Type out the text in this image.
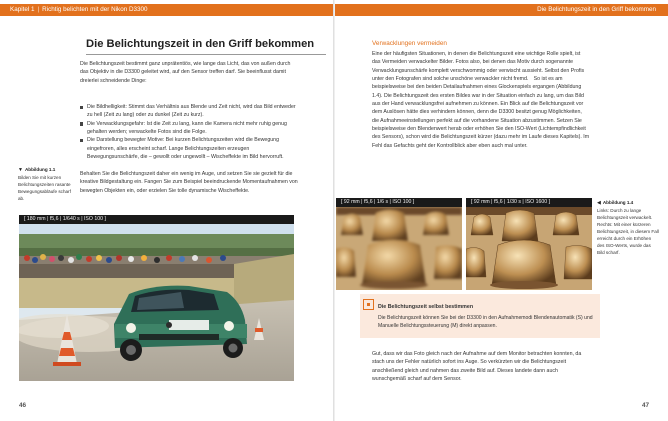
Kapitel 1 | Richtig belichten mit der Nikon D3300	Die Belichtungszeit in den Griff bekommen
Die Belichtungszeit in den Griff bekommen

Die Belichtungszeit bestimmt ganz unprätentiös, wie lange das Licht, das von außen durch das Objektiv in die D3300 geleitet wird, auf den Sensor treffen darf. Sie beeinflusst damit dreierlei schneidende Dinge:

Die Bildhelligkeit: Stimmt das Verhältnis aus Blende und Zeit nicht, wird das Bild entweder zu hell (Zeit zu lang) oder zu dunkel (Zeit zu kurz).
Die Verwacklungsgefahr: Ist die Zeit zu lang, kann die Kamera nicht mehr ruhig genug gehalten werden; verwackelte Fotos sind die Folge.
Die Darstellung bewegter Motive: Bei kurzen Belichtungszeiten wird die Bewegung eingefroren, alles erscheint scharf. Lange Belichtungszeiten erzeugen Bewegungsunschärfe, die – gewollt oder ungewollt – Wischeffekte im Bild hervorruft.

Behalten Sie die Belichtungszeit daher ein wenig im Auge, und setzen Sie sie gezielt für die kreative Bildgestaltung ein. Fangen Sie zum Beispiel beeindruckende Momentaufnahmen von bewegten Objekten ein, oder erzielen Sie tolle dynamische Wischeffekte.

▼ Abbildung 1.1
Bilden Sie mit kurzen Belichtungszeiten rasante Bewegungsabläufe scharf ab.
[ 180 mm | f5,6 | 1/640 s | ISO 100 ]
46
Verwacklungen vermeiden

Eine der häufigsten Situationen, in denen die Belichtungszeit eine wichtige Rolle spielt, ist das Vermeiden verwackelter Bilder. Fotos also, bei denen das Motiv durch sogenannte Verwacklungsunschärfe komplett verschwommig oder verwischt aussieht. Selbst den Profis unter den Fotografen sind solche unschöne verwackler nicht fremd. So ist es am beispielsweise bei den beiden Detailaufnahmen eines Glockenspiels ergangen (Abbildung 1.4). Die Belichtungszeit des ersten Bildes war in der Situation einfach zu lang, um das Bild aus der Hand verwacklungsfrei aufnehmen zu können. Ein Blick auf die Belichtungszeit vor dem Auslösen hätte dies verhindern können, denn die D3300 besitzt genug Möglichkeiten, die Aufnahmeeinstellungen perfekt auf die vorhandene Situation abzustimmen. Setzen Sie beispielsweise den Blendenwert herab oder erhöhen Sie den ISO-Wert (Lichtempfindlichkeit des Sensors), schon wird die Belichtungszeit kürzer (dazu mehr im Laufe dieses Kapitels). Im Fehl das Gefachts geht der Kontrollblick aber eben auch mal unter.

[ 92 mm | f5,6 | 1/6 s | ISO 100 ]	[ 92 mm | f5,6 | 1/30 s | ISO 1600 ]	◀ Abbildung 1.4
Links: Durch zu lange Belichtungszeit verwackelt. Rechts: Mit einer kürzeren Belichtungszeit, in diesem Fall erreicht durch ein Erhöhen des ISO-Werts, wurde das Bild scharf.
Die Belichtungszeit selbst bestimmen
Die Belichtungszeit können Sie bei der D3300 in den Aufnahmemodi Blendenautomatik (S) und Manuelle Belichtungssteuerung (M) direkt anpassen.

Gut, dass wir das Foto gleich nach der Aufnahme auf dem Monitor betrachten konnten, da stach uns der Fehler natürlich sofort ins Auge. So verkürzten wir die Belichtungszeit anschließend gleich und nahmen das zweite Bild auf. Dieses landete dann auch wunschgemäß scharf auf dem Sensor.

47
